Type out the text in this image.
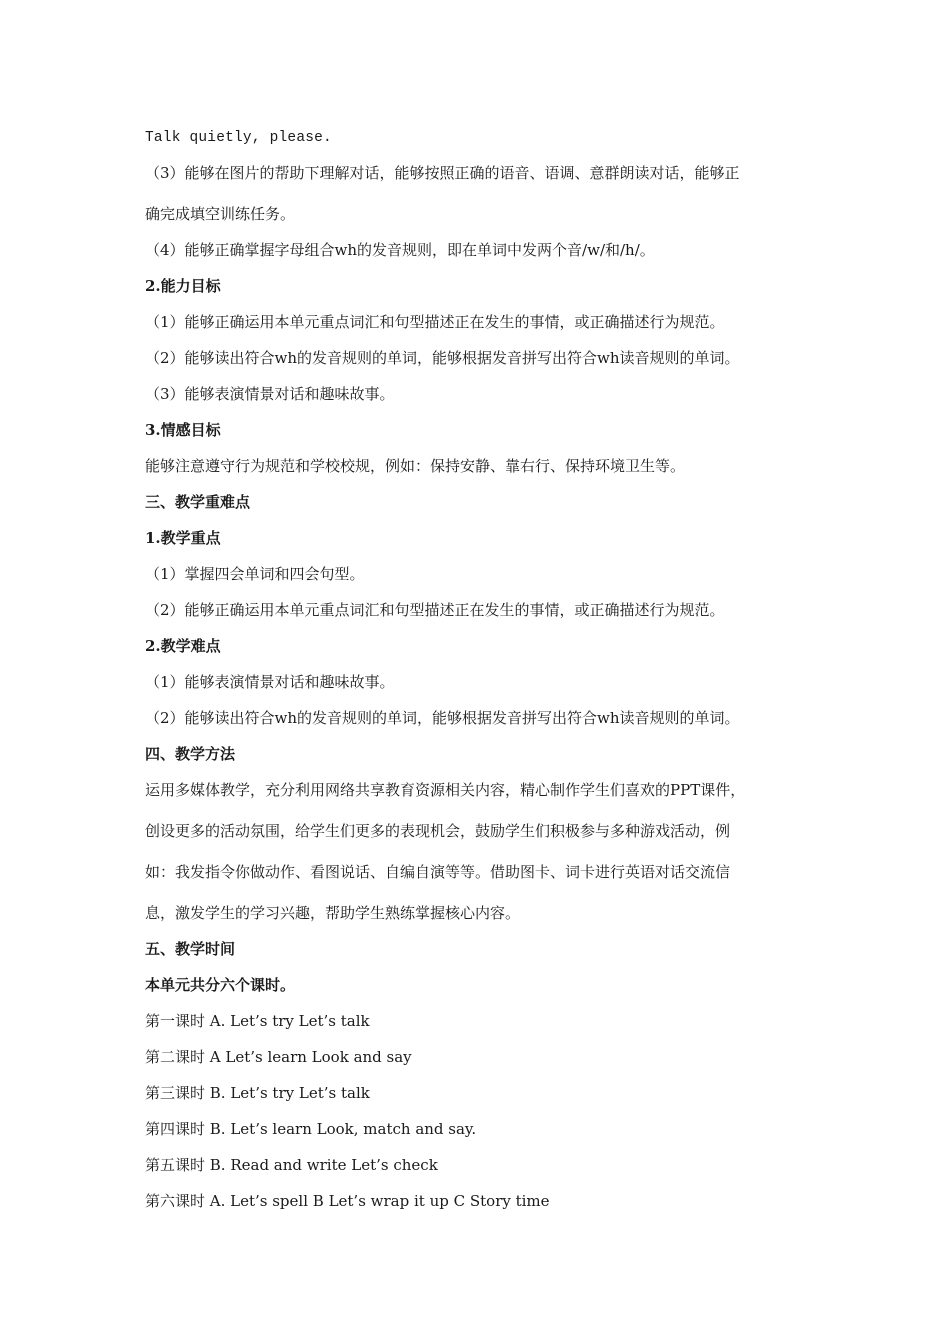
Talk quietly, please.
（3）能够在图片的帮助下理解对话，能够按照正确的语音、语调、意群朗读对话，能够正
确完成填空训练任务。
（4）能够正确掌握字母组合wh的发音规则，即在单词中发两个音/w/和/h/。
2.能力目标
（1）能够正确运用本单元重点词汇和句型描述正在发生的事情，或正确描述行为规范。
（2）能够读出符合wh的发音规则的单词，能够根据发音拼写出符合wh读音规则的单词。
（3）能够表演情景对话和趣味故事。
3.情感目标
能够注意遵守行为规范和学校校规，例如：保持安静、靠右行、保持环境卫生等。
三、教学重难点
1.教学重点
（1）掌握四会单词和四会句型。
（2）能够正确运用本单元重点词汇和句型描述正在发生的事情，或正确描述行为规范。
2.教学难点
（1）能够表演情景对话和趣味故事。
（2）能够读出符合wh的发音规则的单词，能够根据发音拼写出符合wh读音规则的单词。
四、教学方法
运用多媒体教学，充分利用网络共享教育资源相关内容，精心制作学生们喜欢的PPT课件，
创设更多的活动氛围，给学生们更多的表现机会，鼓励学生们积极参与多种游戏活动，例
如：我发指令你做动作、看图说话、自编自演等等。借助图卡、词卡进行英语对话交流信
息，激发学生的学习兴趣，帮助学生熟练掌握核心内容。
五、教学时间
本单元共分六个课时。
第一课时 A. Let’s try Let’s talk
第二课时 A Let’s learn Look and say
第三课时 B. Let’s try Let’s talk
第四课时 B. Let’s learn Look, match and say.
第五课时 B. Read and write Let’s check
第六课时 A. Let’s spell B Let’s wrap it up C Story time
